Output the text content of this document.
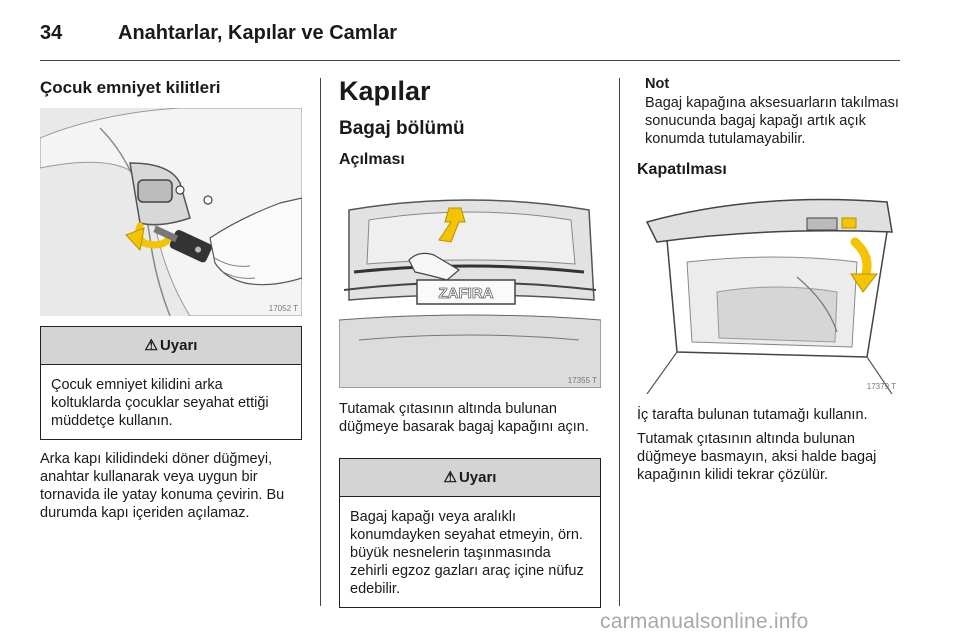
34	Anahtarlar, Kapılar ve Camlar
Çocuk emniyet kilitleri
17052 T
⚠ Uyarı
Çocuk emniyet kilidini arka koltuklarda çocuklar seyahat ettiği müddetçe kullanın.
Arka kapı kilidindeki döner düğmeyi, anahtar kullanarak veya uygun bir tornavida ile yatay konuma çevirin. Bu durumda kapı içeriden açılamaz.
Kapılar
Bagaj bölümü
Açılması
ZAFIRA
17355 T
Tutamak çıtasının altında bulunan düğmeye basarak bagaj kapağını açın.
⚠ Uyarı
Bagaj kapağı veya aralıklı konumdayken seyahat etmeyin, örn. büyük nesnelerin taşınmasında zehirli egzoz gazları araç içine nüfuz edebilir.
Not
Bagaj kapağına aksesuarların takılması sonucunda bagaj kapağı artık açık konumda tutulamayabilir.
Kapatılması
17379 T
İç tarafta bulunan tutamağı kullanın.
Tutamak çıtasının altında bulunan düğmeye basmayın, aksi halde bagaj kapağının kilidi tekrar çözülür.
carmanualsonline.info
